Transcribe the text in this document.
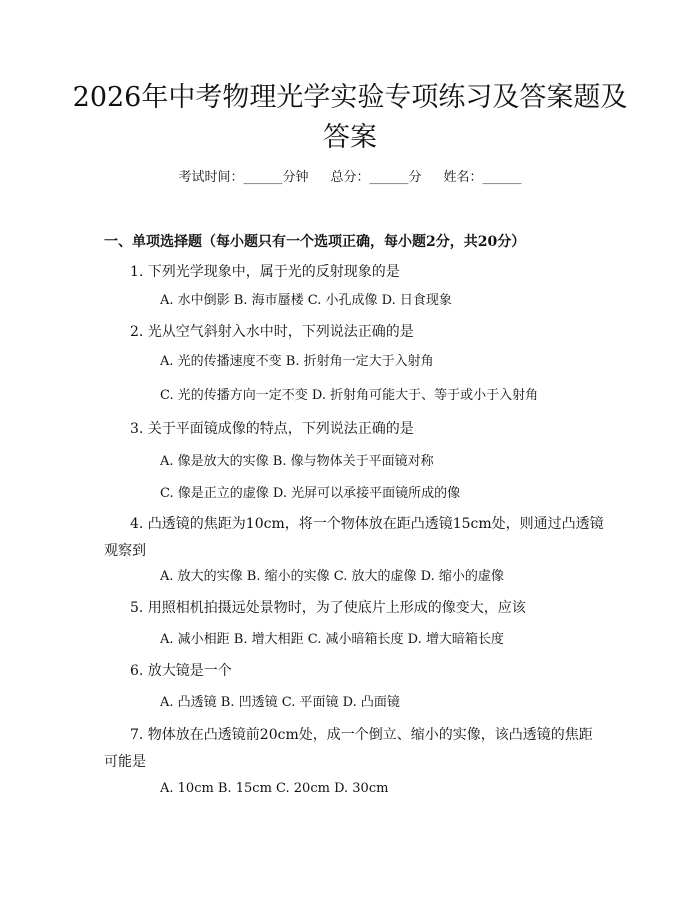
2026年中考物理光学实验专项练习及答案题及答案
考试时间：______分钟 总分：______分 姓名：______
一、单项选择题（每小题只有一个选项正确，每小题2分，共20分）

1. 下列光学现象中，属于光的反射现象的是

A. 水中倒影 B. 海市蜃楼 C. 小孔成像 D. 日食现象

2. 光从空气斜射入水中时，下列说法正确的是

A. 光的传播速度不变 B. 折射角一定大于入射角

C. 光的传播方向一定不变 D. 折射角可能大于、等于或小于入射角

3. 关于平面镜成像的特点，下列说法正确的是

A. 像是放大的实像 B. 像与物体关于平面镜对称

C. 像是正立的虚像 D. 光屏可以承接平面镜所成的像

4. 凸透镜的焦距为10cm，将一个物体放在距凸透镜15cm处，则通过凸透镜观察到

A. 放大的实像 B. 缩小的实像 C. 放大的虚像 D. 缩小的虚像

5. 用照相机拍摄远处景物时，为了使底片上形成的像变大，应该

A. 减小相距 B. 增大相距 C. 减小暗箱长度 D. 增大暗箱长度

6. 放大镜是一个

A. 凸透镜 B. 凹透镜 C. 平面镜 D. 凸面镜

7. 物体放在凸透镜前20cm处，成一个倒立、缩小的实像，该凸透镜的焦距可能是

A. 10cm B. 15cm C. 20cm D. 30cm
